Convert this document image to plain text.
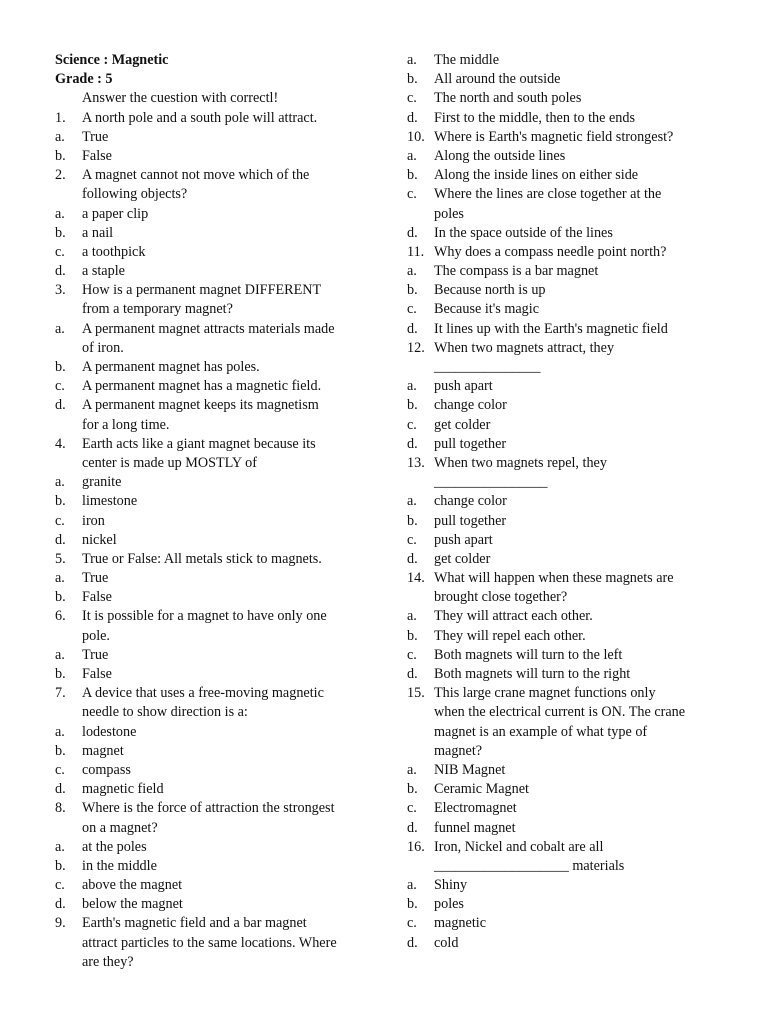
Science : Magnetic
Grade : 5
Answer the cuestion with correctl!
1. A north pole and a south pole will attract.
a. True
b. False
2. A magnet cannot not move which of the
following objects?
a. a paper clip
b. a nail
c. a toothpick
d. a staple
3. How is a permanent magnet DIFFERENT
from a temporary magnet?
a. A permanent magnet attracts materials made
of iron.
b. A permanent magnet has poles.
c. A permanent magnet has a magnetic field.
d. A permanent magnet keeps its magnetism
for a long time.
4. Earth acts like a giant magnet because its
center is made up MOSTLY of
a. granite
b. limestone
c. iron
d. nickel
5. True or False: All metals stick to magnets.
a. True
b. False
6. It is possible for a magnet to have only one
pole.
a. True
b. False
7. A device that uses a free-moving magnetic
needle to show direction is a:
a. lodestone
b. magnet
c. compass
d. magnetic field
8. Where is the force of attraction the strongest
on a magnet?
a. at the poles
b. in the middle
c. above the magnet
d. below the magnet
9. Earth's magnetic field and a bar magnet
attract particles to the same locations. Where
are they?
a. The middle
b. All around the outside
c. The north and south poles
d. First to the middle, then to the ends
10. Where is Earth's magnetic field strongest?
a. Along the outside lines
b. Along the inside lines on either side
c. Where the lines are close together at the
poles
d. In the space outside of the lines
11. Why does a compass needle point north?
a. The compass is a bar magnet
b. Because north is up
c. Because it's magic
d. It lines up with the Earth's magnetic field
12. When two magnets attract, they
_______________
a. push apart
b. change color
c. get colder
d. pull together
13. When two magnets repel, they
________________
a. change color
b. pull together
c. push apart
d. get colder
14. What will happen when these magnets are
brought close together?
a. They will attract each other.
b. They will repel each other.
c. Both magnets will turn to the left
d. Both magnets will turn to the right
15. This large crane magnet functions only
when the electrical current is ON. The crane
magnet is an example of what type of
magnet?
a. NIB Magnet
b. Ceramic Magnet
c. Electromagnet
d. funnel magnet
16. Iron, Nickel and cobalt are all
___________________ materials
a. Shiny
b. poles
c. magnetic
d. cold
